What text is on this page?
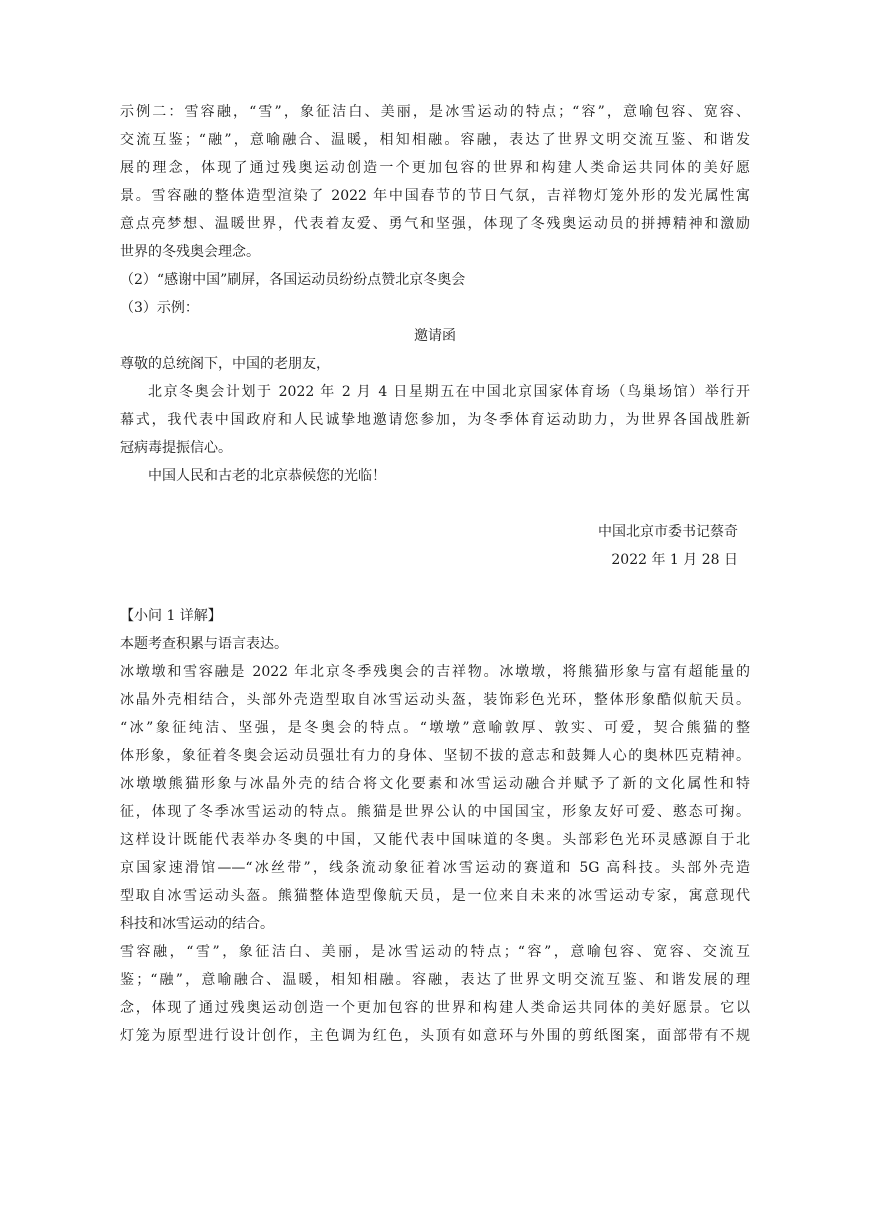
示例二：雪容融，“雪”，象征洁白、美丽，是冰雪运动的特点；“容”，意喻包容、宽容、
交流互鉴；“融”，意喻融合、温暖，相知相融。容融，表达了世界文明交流互鉴、和谐发
展的理念，体现了通过残奥运动创造一个更加包容的世界和构建人类命运共同体的美好愿
景。雪容融的整体造型渲染了 2022 年中国春节的节日气氛，吉祥物灯笼外形的发光属性寓
意点亮梦想、温暖世界，代表着友爱、勇气和坚强，体现了冬残奥运动员的拼搏精神和激励
世界的冬残奥会理念。
（2）“感谢中国”刷屏，各国运动员纷纷点赞北京冬奥会
（3）示例：
邀请函
尊敬的总统阁下，中国的老朋友，
北京冬奥会计划于 2022 年 2 月 4 日星期五在中国北京国家体育场（鸟巢场馆）举行开
幕式，我代表中国政府和人民诚挚地邀请您参加，为冬季体育运动助力，为世界各国战胜新
冠病毒提振信心。
中国人民和古老的北京恭候您的光临！
中国北京市委书记蔡奇
2022 年 1 月 28 日
【小问 1 详解】
本题考查积累与语言表达。
冰墩墩和雪容融是 2022 年北京冬季残奥会的吉祥物。冰墩墩，将熊猫形象与富有超能量的
冰晶外壳相结合，头部外壳造型取自冰雪运动头盔，装饰彩色光环，整体形象酷似航天员。
“冰”象征纯洁、坚强，是冬奥会的特点。“墩墩”意喻敦厚、敦实、可爱，契合熊猫的整
体形象，象征着冬奥会运动员强壮有力的身体、坚韧不拔的意志和鼓舞人心的奥林匹克精神。
冰墩墩熊猫形象与冰晶外壳的结合将文化要素和冰雪运动融合并赋予了新的文化属性和特
征，体现了冬季冰雪运动的特点。熊猫是世界公认的中国国宝，形象友好可爱、憨态可掬。
这样设计既能代表举办冬奥的中国，又能代表中国味道的冬奥。头部彩色光环灵感源自于北
京国家速滑馆——“冰丝带”，线条流动象征着冰雪运动的赛道和 5G 高科技。头部外壳造
型取自冰雪运动头盔。熊猫整体造型像航天员，是一位来自未来的冰雪运动专家，寓意现代
科技和冰雪运动的结合。
雪容融，“雪”，象征洁白、美丽，是冰雪运动的特点；“容”，意喻包容、宽容、交流互
鉴；“融”，意喻融合、温暖，相知相融。容融，表达了世界文明交流互鉴、和谐发展的理
念，体现了通过残奥运动创造一个更加包容的世界和构建人类命运共同体的美好愿景。它以
灯笼为原型进行设计创作，主色调为红色，头顶有如意环与外围的剪纸图案，面部带有不规
